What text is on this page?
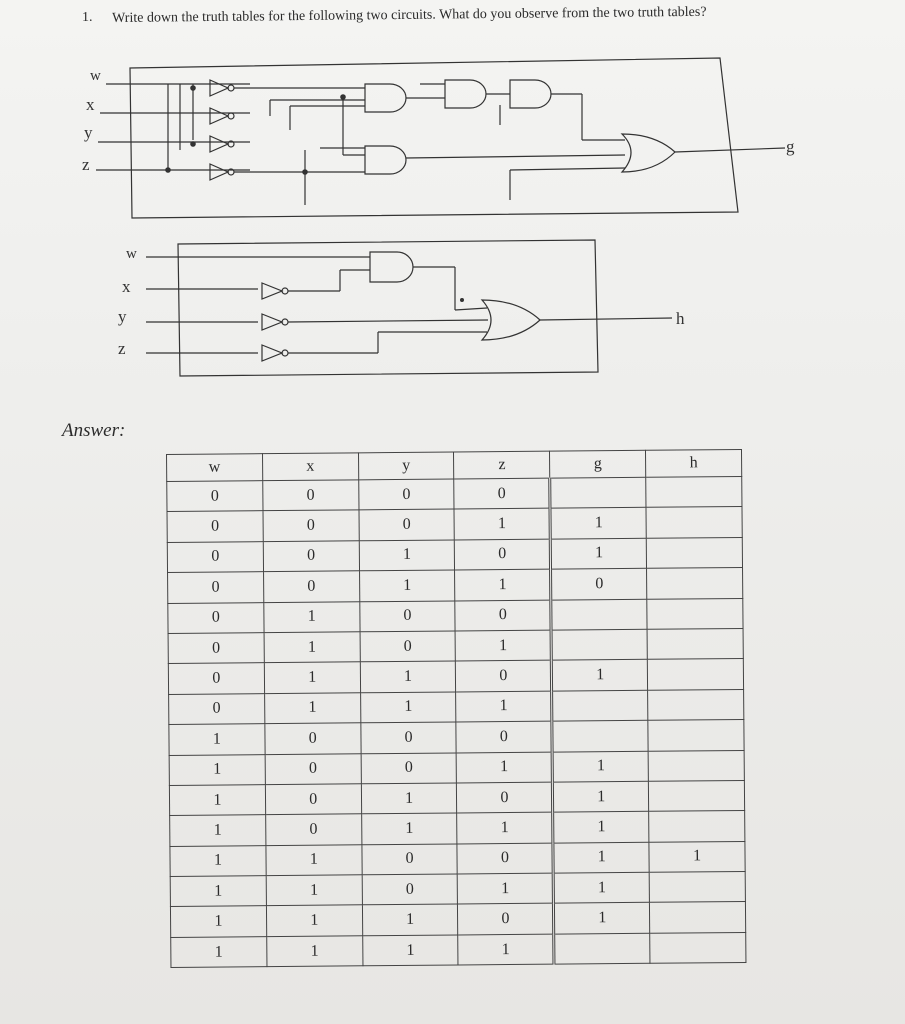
1. Write down the truth tables for the following two circuits. What do you observe from the two truth tables?
w
x
y
z
g
w
x
y
z
h
Answer:
w	x	y	z	g	h
0	0	0	0		
0	0	0	1	1	
0	0	1	0	1	
0	0	1	1	0	
0	1	0	0		
0	1	0	1		
0	1	1	0	1	
0	1	1	1		
1	0	0	0		
1	0	0	1	1	
1	0	1	0	1	
1	0	1	1	1	
1	1	0	0	1	1
1	1	0	1	1	
1	1	1	0	1	
1	1	1	1		
